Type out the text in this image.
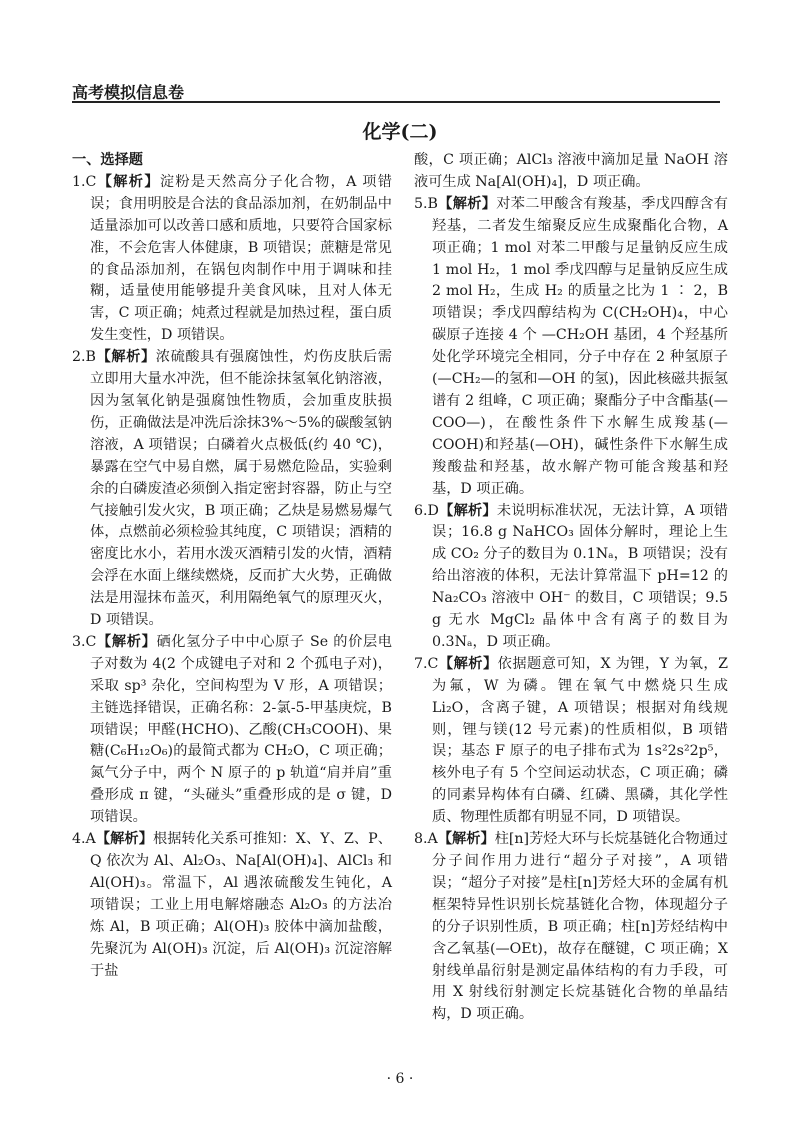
高考模拟信息卷
化学(二)
一、选择题

1.C【解析】淀粉是天然高分子化合物，A 项错误；食用明胶是合法的食品添加剂，在奶制品中适量添加可以改善口感和质地，只要符合国家标准，不会危害人体健康，B 项错误；蔗糖是常见的食品添加剂，在锅包肉制作中用于调味和挂糊，适量使用能够提升美食风味，且对人体无害，C 项正确；炖煮过程就是加热过程，蛋白质发生变性，D 项错误。

2.B【解析】浓硫酸具有强腐蚀性，灼伤皮肤后需立即用大量水冲洗，但不能涂抹氢氧化钠溶液，因为氢氧化钠是强腐蚀性物质，会加重皮肤损伤，正确做法是冲洗后涂抹3%～5%的碳酸氢钠溶液，A 项错误；白磷着火点极低(约 40 ℃)，暴露在空气中易自燃，属于易燃危险品，实验剩余的白磷废渣必须倒入指定密封容器，防止与空气接触引发火灾，B 项正确；乙炔是易燃易爆气体，点燃前必须检验其纯度，C 项错误；酒精的密度比水小，若用水泼灭酒精引发的火情，酒精会浮在水面上继续燃烧，反而扩大火势，正确做法是用湿抹布盖灭，利用隔绝氧气的原理灭火，D 项错误。

3.C【解析】硒化氢分子中中心原子 Se 的价层电子对数为 4(2 个成键电子对和 2 个孤电子对)，采取 sp³ 杂化，空间构型为 V 形，A 项错误；主链选择错误，正确名称：2-氯-5-甲基庚烷，B 项错误；甲醛(HCHO)、乙酸(CH₃COOH)、果糖(C₆H₁₂O₆)的最简式都为 CH₂O，C 项正确；氮气分子中，两个 N 原子的 p 轨道“肩并肩”重叠形成 π 键，“头碰头”重叠形成的是 σ 键，D 项错误。

4.A【解析】根据转化关系可推知：X、Y、Z、P、Q 依次为 Al、Al₂O₃、Na[Al(OH)₄]、AlCl₃ 和 Al(OH)₃。常温下，Al 遇浓硫酸发生钝化，A 项错误；工业上用电解熔融态 Al₂O₃ 的方法冶炼 Al，B 项正确；Al(OH)₃ 胶体中滴加盐酸，先聚沉为 Al(OH)₃ 沉淀，后 Al(OH)₃ 沉淀溶解于盐

酸，C 项正确；AlCl₃ 溶液中滴加足量 NaOH 溶液可生成 Na[Al(OH)₄]，D 项正确。

5.B【解析】对苯二甲酸含有羧基，季戊四醇含有羟基，二者发生缩聚反应生成聚酯化合物，A 项正确；1 mol 对苯二甲酸与足量钠反应生成 1 mol H₂，1 mol 季戊四醇与足量钠反应生成 2 mol H₂，生成 H₂ 的质量之比为 1 ∶ 2，B 项错误；季戊四醇结构为 C(CH₂OH)₄，中心碳原子连接 4 个 —CH₂OH 基团，4 个羟基所处化学环境完全相同，分子中存在 2 种氢原子(—CH₂—的氢和—OH 的氢)，因此核磁共振氢谱有 2 组峰，C 项正确；聚酯分子中含酯基(—COO—)，在酸性条件下水解生成羧基(—COOH)和羟基(—OH)，碱性条件下水解生成羧酸盐和羟基，故水解产物可能含羧基和羟基，D 项正确。

6.D【解析】未说明标准状况，无法计算，A 项错误；16.8 g NaHCO₃ 固体分解时，理论上生成 CO₂ 分子的数目为 0.1Nₐ，B 项错误；没有给出溶液的体积，无法计算常温下 pH=12 的 Na₂CO₃ 溶液中 OH⁻ 的数目，C 项错误；9.5 g 无水 MgCl₂ 晶体中含有离子的数目为 0.3Nₐ，D 项正确。

7.C【解析】依据题意可知，X 为锂，Y 为氧，Z 为氟，W 为磷。锂在氧气中燃烧只生成 Li₂O，含离子键，A 项错误；根据对角线规则，锂与镁(12 号元素)的性质相似，B 项错误；基态 F 原子的电子排布式为 1s²2s²2p⁵，核外电子有 5 个空间运动状态，C 项正确；磷的同素异构体有白磷、红磷、黑磷，其化学性质、物理性质都有明显不同，D 项错误。

8.A【解析】柱[n]芳烃大环与长烷基链化合物通过分子间作用力进行“超分子对接”，A 项错误；“超分子对接”是柱[n]芳烃大环的金属有机框架特异性识别长烷基链化合物，体现超分子的分子识别性质，B 项正确；柱[n]芳烃结构中含乙氧基(—OEt)，故存在醚键，C 项正确；X 射线单晶衍射是测定晶体结构的有力手段，可用 X 射线衍射测定长烷基链化合物的单晶结构，D 项正确。

· 6 ·
